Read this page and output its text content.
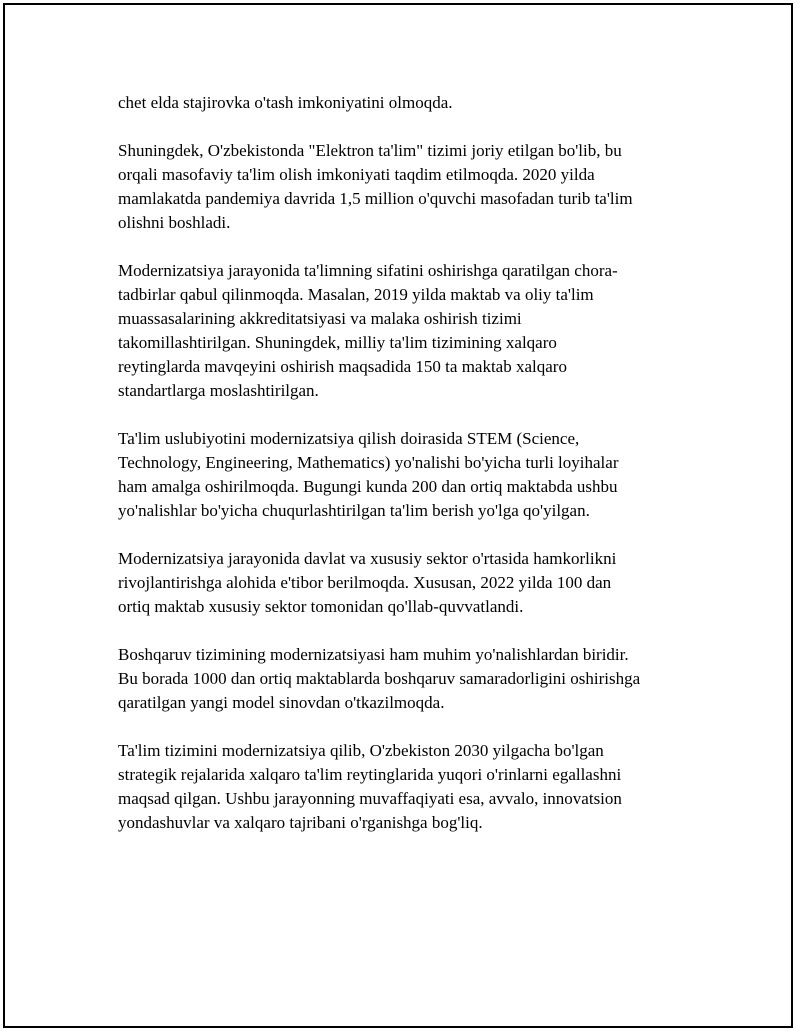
chet elda stajirovka o'tash imkoniyatini olmoqda.

Shuningdek, O'zbekistonda "Elektron ta'lim" tizimi joriy etilgan bo'lib, bu
orqali masofaviy ta'lim olish imkoniyati taqdim etilmoqda. 2020 yilda
mamlakatda pandemiya davrida 1,5 million o'quvchi masofadan turib ta'lim
olishni boshladi.

Modernizatsiya jarayonida ta'limning sifatini oshirishga qaratilgan chora-
tadbirlar qabul qilinmoqda. Masalan, 2019 yilda maktab va oliy ta'lim
muassasalarining akkreditatsiyasi va malaka oshirish tizimi
takomillashtirilgan. Shuningdek, milliy ta'lim tizimining xalqaro
reytinglarda mavqeyini oshirish maqsadida 150 ta maktab xalqaro
standartlarga moslashtirilgan.

Ta'lim uslubiyotini modernizatsiya qilish doirasida STEM (Science,
Technology, Engineering, Mathematics) yo'nalishi bo'yicha turli loyihalar
ham amalga oshirilmoqda. Bugungi kunda 200 dan ortiq maktabda ushbu
yo'nalishlar bo'yicha chuqurlashtirilgan ta'lim berish yo'lga qo'yilgan.

Modernizatsiya jarayonida davlat va xususiy sektor o'rtasida hamkorlikni
rivojlantirishga alohida e'tibor berilmoqda. Xususan, 2022 yilda 100 dan
ortiq maktab xususiy sektor tomonidan qo'llab-quvvatlandi.

Boshqaruv tizimining modernizatsiyasi ham muhim yo'nalishlardan biridir.
Bu borada 1000 dan ortiq maktablarda boshqaruv samaradorligini oshirishga
qaratilgan yangi model sinovdan o'tkazilmoqda.

Ta'lim tizimini modernizatsiya qilib, O'zbekiston 2030 yilgacha bo'lgan
strategik rejalarida xalqaro ta'lim reytinglarida yuqori o'rinlarni egallashni
maqsad qilgan. Ushbu jarayonning muvaffaqiyati esa, avvalo, innovatsion
yondashuvlar va xalqaro tajribani o'rganishga bog'liq.
